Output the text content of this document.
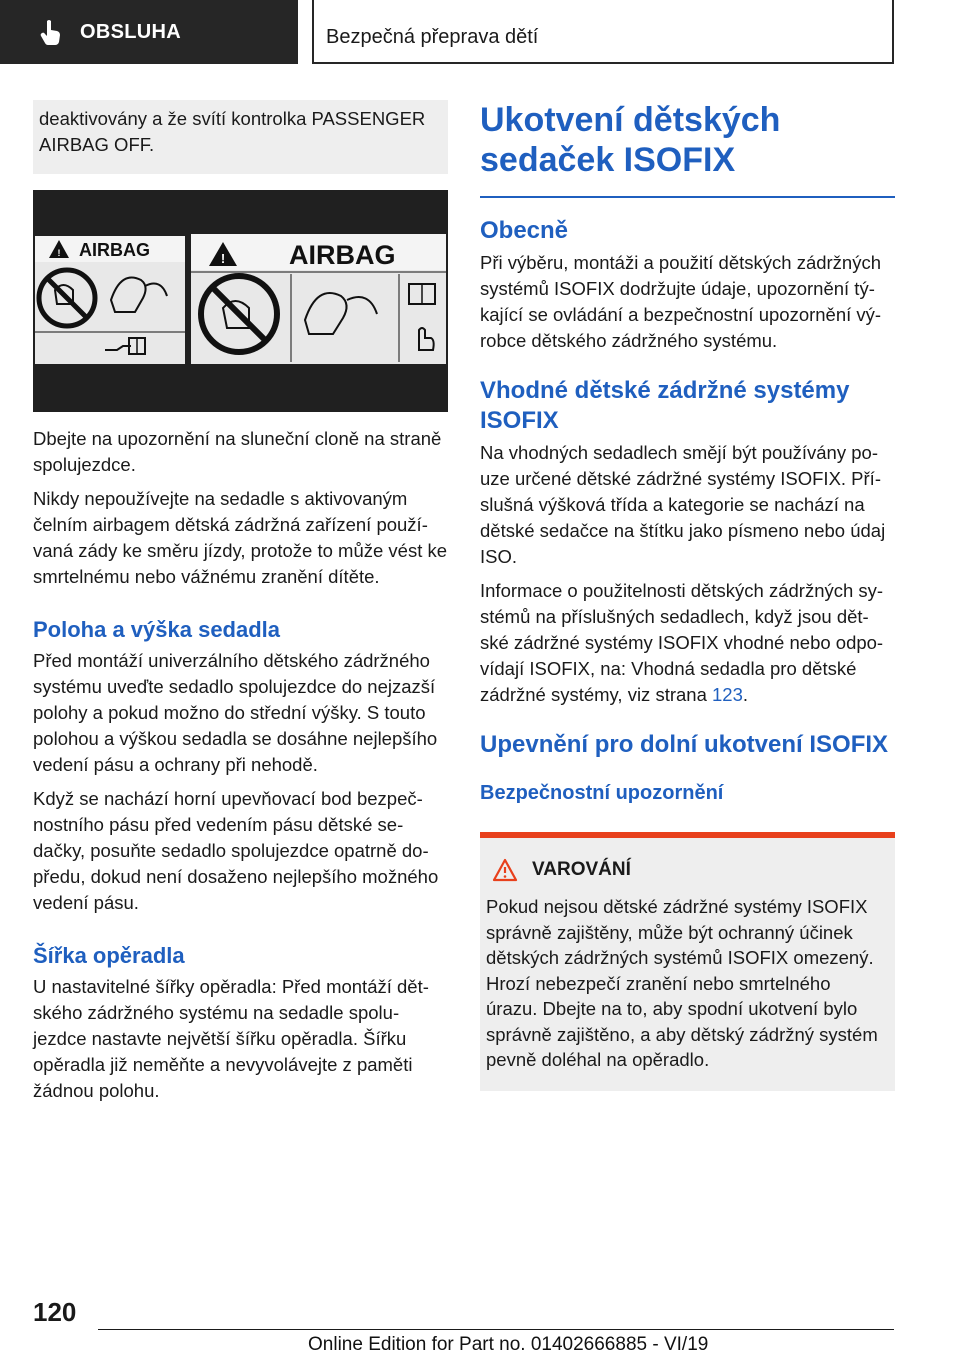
OBSLUHA	Bezpečná přeprava dětí
deaktivovány a že svítí kontrolka PASSENGER AIRBAG OFF.
! AIRBAG	! AIRBAG

Dbejte na upozornění na sluneční cloně na straně spolujezdce.

Nikdy nepoužívejte na sedadle s aktivovaným čelním airbagem dětská zádržná zařízení použí‐vaná zády ke směru jízdy, protože to může vést ke smrtelnému nebo vážnému zranění dítěte.

Poloha a výška sedadla

Před montáží univerzálního dětského zádržného systému uveďte sedadlo spolujezdce do nejzazší polohy a pokud možno do střední výšky. S touto polohou a výškou sedadla se dosáhne nejlepšího vedení pásu a ochrany při nehodě.

Když se nachází horní upevňovací bod bezpeč‐nostního pásu před vedením pásu dětské se‐dačky, posuňte sedadlo spolujezdce opatrně do‐předu, dokud není dosaženo nejlepšího možného vedení pásu.

Šířka opěradla

U nastavitelné šířky opěradla: Před montáží dět‐ského zádržného systému na sedadle spolu‐jezdce nastavte největší šířku opěradla. Šířku opěradla již neměňte a nevyvolávejte z paměti žádnou polohu.

Ukotvení dětských sedaček ISOFIX
Obecně

Při výběru, montáži a použití dětských zádržných systémů ISOFIX dodržujte údaje, upozornění tý‐kající se ovládání a bezpečnostní upozornění vý‐robce dětského zádržného systému.

Vhodné dětské zádržné systémy ISOFIX

Na vhodných sedadlech smějí být používány po‐uze určené dětské zádržné systémy ISOFIX. Pří‐slušná výšková třída a kategorie se nachází na dětské sedačce na štítku jako písmeno nebo údaj ISO.

Informace o použitelnosti dětských zádržných sy‐stémů na příslušných sedadlech, když jsou dět‐ské zádržné systémy ISOFIX vhodné nebo odpo‐vídají ISOFIX, na: Vhodná sedadla pro dětské zádržné systémy, viz strana 123.

Upevnění pro dolní ukotvení ISOFIX
Bezpečnostní upozornění
VAROVÁNÍ

Pokud nejsou dětské zádržné systémy ISOFIX správně zajištěny, může být ochranný účinek dětských zádržných systémů ISOFIX omezený. Hrozí nebezpečí zranění nebo smrtelného úrazu. Dbejte na to, aby spodní ukotvení bylo správně zajištěno, a aby dětský zádržný systém pevně doléhal na opěradlo.

120
Online Edition for Part no. 01402666885 - VI/19
